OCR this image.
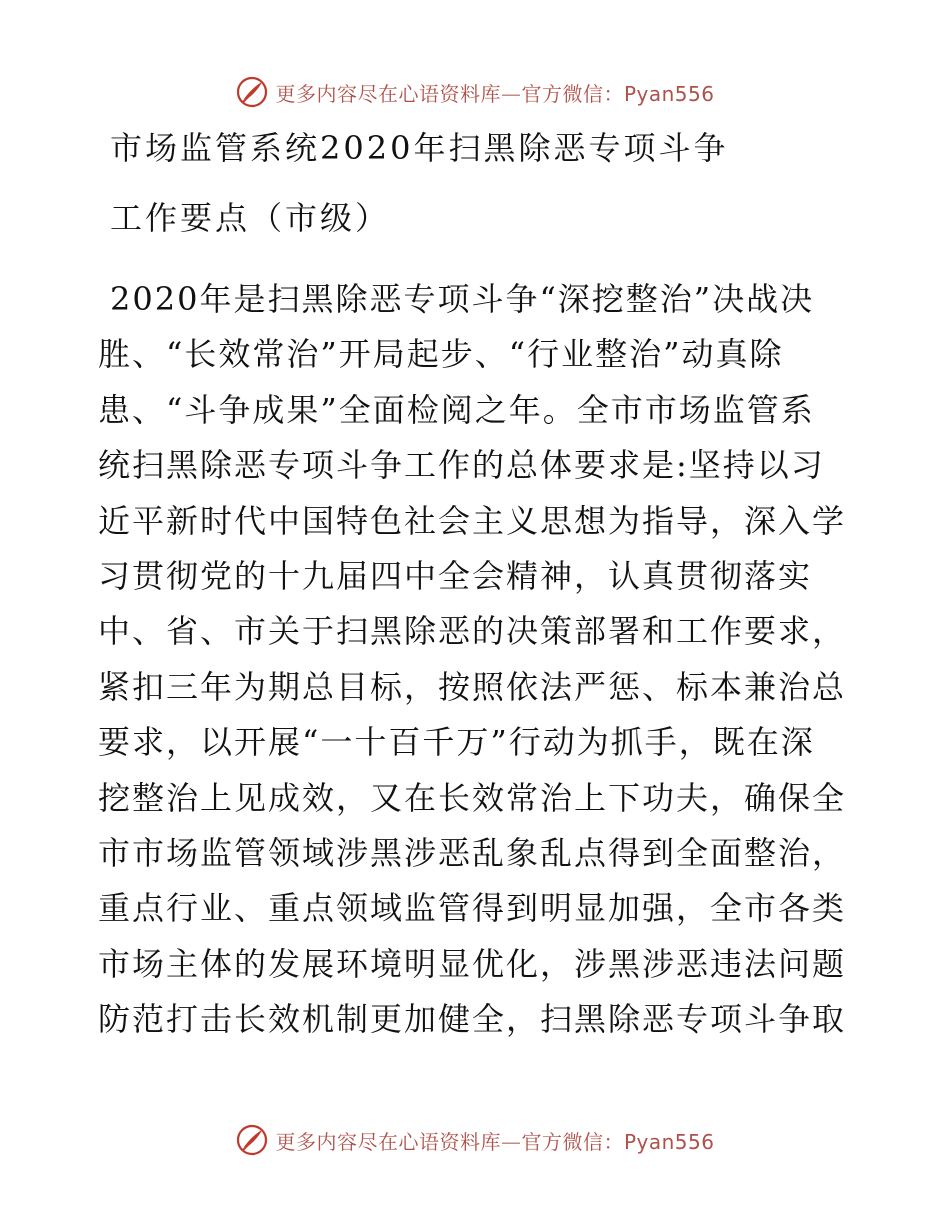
更多内容尽在心语资料库—官方微信：Pyan556
市场监管系统2020年扫黑除恶专项斗争
工作要点（市级）
2020年是扫黑除恶专项斗争“深挖整治”决战决
胜、“长效常治”开局起步、“行业整治”动真除
患、“斗争成果”全面检阅之年。全市市场监管系
统扫黑除恶专项斗争工作的总体要求是:坚持以习
近平新时代中国特色社会主义思想为指导，深入学
习贯彻党的十九届四中全会精神，认真贯彻落实
中、省、市关于扫黑除恶的决策部署和工作要求，
紧扣三年为期总目标，按照依法严惩、标本兼治总
要求，以开展“一十百千万”行动为抓手，既在深
挖整治上见成效，又在长效常治上下功夫，确保全
市市场监管领域涉黑涉恶乱象乱点得到全面整治，
重点行业、重点领域监管得到明显加强，全市各类
市场主体的发展环境明显优化，涉黑涉恶违法问题
防范打击长效机制更加健全，扫黑除恶专项斗争取
更多内容尽在心语资料库—官方微信：Pyan556
